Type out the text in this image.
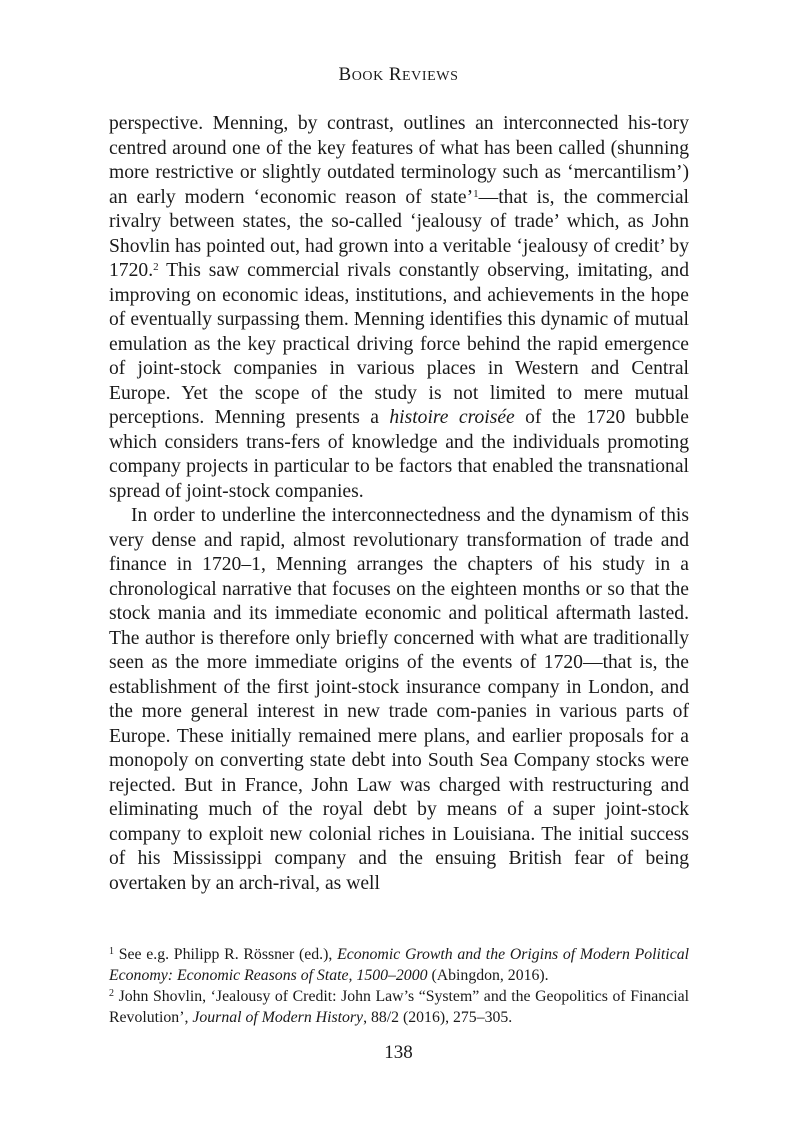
BOOK REVIEWS

perspective. Menning, by contrast, outlines an interconnected his-tory centred around one of the key features of what has been called (shunning more restrictive or slightly outdated terminology such as ‘mercantilism’) an early modern ‘economic reason of state’$^1$—that is, the commercial rivalry between states, the so-called ‘jealousy of trade’ which, as John Shovlin has pointed out, had grown into a veritable ‘jealousy of credit’ by 1720.$^2$ This saw commercial rivals constantly observing, imitating, and improving on economic ideas, institutions, and achievements in the hope of eventually surpassing them. Menning identifies this dynamic of mutual emulation as the key practical driving force behind the rapid emergence of joint-stock companies in various places in Western and Central Europe. Yet the scope of the study is not limited to mere mutual perceptions. Menning presents a histoire croisée of the 1720 bubble which considers trans-fers of knowledge and the individuals promoting company projects in particular to be factors that enabled the transnational spread of joint-stock companies.

In order to underline the interconnectedness and the dynamism of this very dense and rapid, almost revolutionary transformation of trade and finance in 1720–1, Menning arranges the chapters of his study in a chronological narrative that focuses on the eighteen months or so that the stock mania and its immediate economic and political aftermath lasted. The author is therefore only briefly concerned with what are traditionally seen as the more immediate origins of the events of 1720—that is, the establishment of the first joint-stock insurance company in London, and the more general interest in new trade com-panies in various parts of Europe. These initially remained mere plans, and earlier proposals for a monopoly on converting state debt into South Sea Company stocks were rejected. But in France, John Law was charged with restructuring and eliminating much of the royal debt by means of a super joint-stock company to exploit new colonial riches in Louisiana. The initial success of his Mississippi company and the ensuing British fear of being overtaken by an arch-rival, as well

$^1$ See e.g. Philipp R. Rössner (ed.), Economic Growth and the Origins of Modern Political Economy: Economic Reasons of State, 1500–2000 (Abingdon, 2016).

$^2$ John Shovlin, ‘Jealousy of Credit: John Law’s “System” and the Geopolitics of Financial Revolution’, Journal of Modern History, 88/2 (2016), 275–305.

138
